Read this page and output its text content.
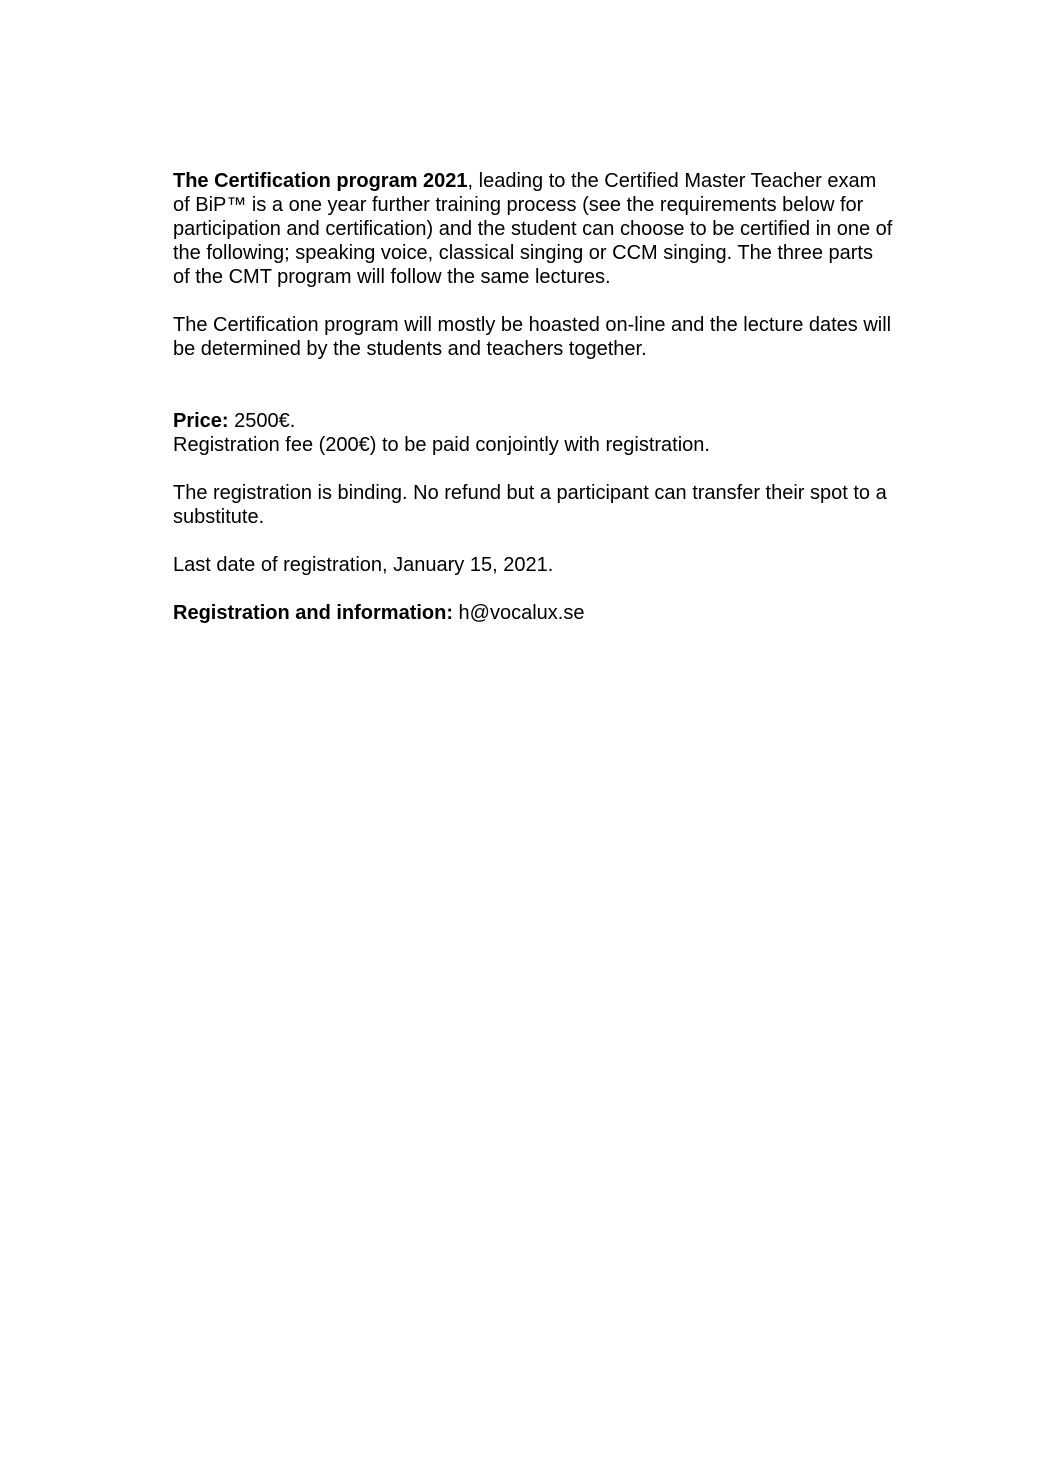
The Certification program 2021, leading to the Certified Master Teacher exam of BiP™ is a one year further training process (see the requirements below for participation and certification) and the student can choose to be certified in one of the following; speaking voice, classical singing or CCM singing. The three parts of the CMT program will follow the same lectures.

The Certification program will mostly be hoasted on-line and the lecture dates will be determined by the students and teachers together.

Price: 2500€.

Registration fee (200€) to be paid conjointly with registration.

The registration is binding. No refund but a participant can transfer their spot to a substitute.

Last date of registration, January 15, 2021.

Registration and information: h@vocalux.se
